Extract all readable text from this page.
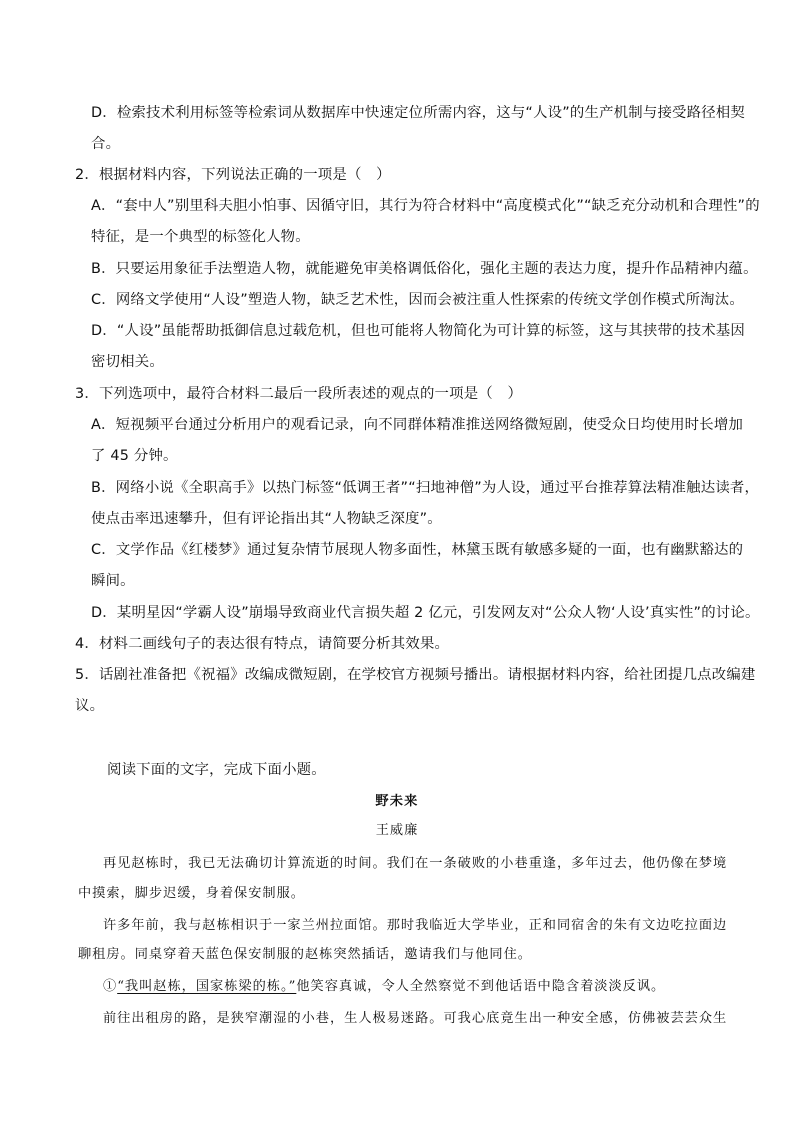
D．检索技术利用标签等检索词从数据库中快速定位所需内容，这与“人设”的生产机制与接受路径相契
合。
2．根据材料内容，下列说法正确的一项是（　）
A．“套中人”别里科夫胆小怕事、因循守旧，其行为符合材料中“高度模式化”“缺乏充分动机和合理性”的
特征，是一个典型的标签化人物。
B．只要运用象征手法塑造人物，就能避免审美格调低俗化，强化主题的表达力度，提升作品精神内蕴。
C．网络文学使用“人设”塑造人物，缺乏艺术性，因而会被注重人性探索的传统文学创作模式所淘汰。
D．“人设”虽能帮助抵御信息过载危机，但也可能将人物简化为可计算的标签，这与其挟带的技术基因
密切相关。
3．下列选项中，最符合材料二最后一段所表述的观点的一项是（　）
A．短视频平台通过分析用户的观看记录，向不同群体精准推送网络微短剧，使受众日均使用时长增加
了 45 分钟。
B．网络小说《全职高手》以热门标签“低调王者”“扫地神僧”为人设，通过平台推荐算法精准触达读者，
使点击率迅速攀升，但有评论指出其“人物缺乏深度”。
C．文学作品《红楼梦》通过复杂情节展现人物多面性，林黛玉既有敏感多疑的一面，也有幽默豁达的
瞬间。
D．某明星因“学霸人设”崩塌导致商业代言损失超 2 亿元，引发网友对“公众人物‘人设’真实性”的讨论。
4．材料二画线句子的表达很有特点，请简要分析其效果。
5．话剧社准备把《祝福》改编成微短剧，在学校官方视频号播出。请根据材料内容，给社团提几点改编建
议。
阅读下面的文字，完成下面小题。
野未来
王威廉
再见赵栋时，我已无法确切计算流逝的时间。我们在一条破败的小巷重逢，多年过去，他仍像在梦境
中摸索，脚步迟缓，身着保安制服。
许多年前，我与赵栋相识于一家兰州拉面馆。那时我临近大学毕业，正和同宿舍的朱有文边吃拉面边
聊租房。同桌穿着天蓝色保安制服的赵栋突然插话，邀请我们与他同住。
①“我叫赵栋，国家栋梁的栋。”他笑容真诚，令人全然察觉不到他话语中隐含着淡淡反讽。
前往出租房的路，是狭窄潮湿的小巷，生人极易迷路。可我心底竟生出一种安全感，仿佛被芸芸众生
